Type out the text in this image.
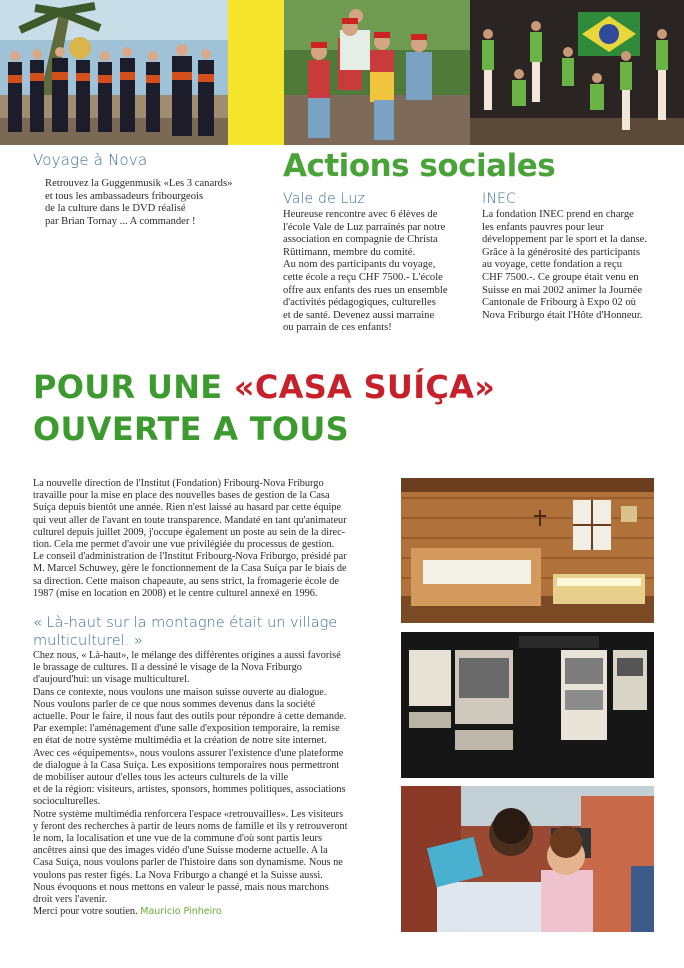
Voyage à Nova

Retrouvez la Guggenmusik «Les 3 canards»

et tous les ambassadeurs fribourgeois

de la culture dans le DVD réalisé

par Brian Tornay ... A commander !

Actions sociales
Vale de Luz

Heureuse rencontre avec 6 élèves de

l'école Vale de Luz parrainés par notre

association en compagnie de Christa

Rüttimann, membre du comité.

Au nom des participants du voyage,

cette école a reçu CHF 7500.- L'école

offre aux enfants des rues un ensemble

d'activités pédagogiques, culturelles

et de santé. Devenez aussi marraine

ou parrain de ces enfants!

INEC

La fondation INEC prend en charge

les enfants pauvres pour leur

développement par le sport et la danse.

Grâce à la générosité des participants

au voyage, cette fondation a reçu

CHF 7500.-. Ce groupe était venu en

Suisse en mai 2002 animer la Journée

Cantonale de Fribourg à Expo 02 où

Nova Friburgo était l'Hôte d'Honneur.

POUR UNE «CASA SUÍÇA»
OUVERTE A TOUS

La nouvelle direction de l'Institut (Fondation) Fribourg-Nova Friburgo

travaille pour la mise en place des nouvelles bases de gestion de la Casa

Suíça depuis bientôt une année. Rien n'est laissé au hasard par cette équipe

qui veut aller de l'avant en toute transparence. Mandaté en tant qu'animateur

culturel depuis juillet 2009, j'occupe également un poste au sein de la direc-

tion. Cela me permet d'avoir une vue privilégiée du processus de gestion.

Le conseil d'administration de l'Institut Fribourg-Nova Friburgo, présidé par

M. Marcel Schuwey, gère le fonctionnement de la Casa Suíça par le biais de

sa direction. Cette maison chapeaute, au sens strict, la fromagerie école de

1987 (mise en location en 2008) et le centre culturel annexé en 1996.

« Là-haut sur la montagne était un village
multiculturel. »

Chez nous, « Là-haut», le mélange des différentes origines a aussi favorisé

le brassage de cultures. Il a dessiné le visage de la Nova Friburgo

d'aujourd'hui: un visage multiculturel.

Dans ce contexte, nous voulons une maison suisse ouverte au dialogue.

Nous voulons parler de ce que nous sommes devenus dans la société

actuelle. Pour le faire, il nous faut des outils pour répondre à cette demande.

Par exemple: l'aménagement d'une salle d'exposition temporaire, la remise

en état de notre système multimédia et la création de notre site internet.

Avec ces «équipements», nous voulons assurer l'existence d'une plateforme

de dialogue à la Casa Suíça. Les expositions temporaires nous permettront

de mobiliser autour d'elles tous les acteurs culturels de la ville

et de la région: visiteurs, artistes, sponsors, hommes politiques, associations

socioculturelles.

Notre système multimédia renforcera l'espace «retrouvailles». Les visiteurs

y feront des recherches à partir de leurs noms de famille et ils y retrouveront

le nom, la localisation et une vue de la commune d'où sont partis leurs

ancêtres ainsi que des images vidéo d'une Suisse moderne actuelle. A la

Casa Suíça, nous voulons parler de l'histoire dans son dynamisme. Nous ne

voulons pas rester figés. La Nova Friburgo a changé et la Suisse aussi.

Nous évoquons et nous mettons en valeur le passé, mais nous marchons

droit vers l'avenir.

Merci pour votre soutien. Mauricio Pinheiro
